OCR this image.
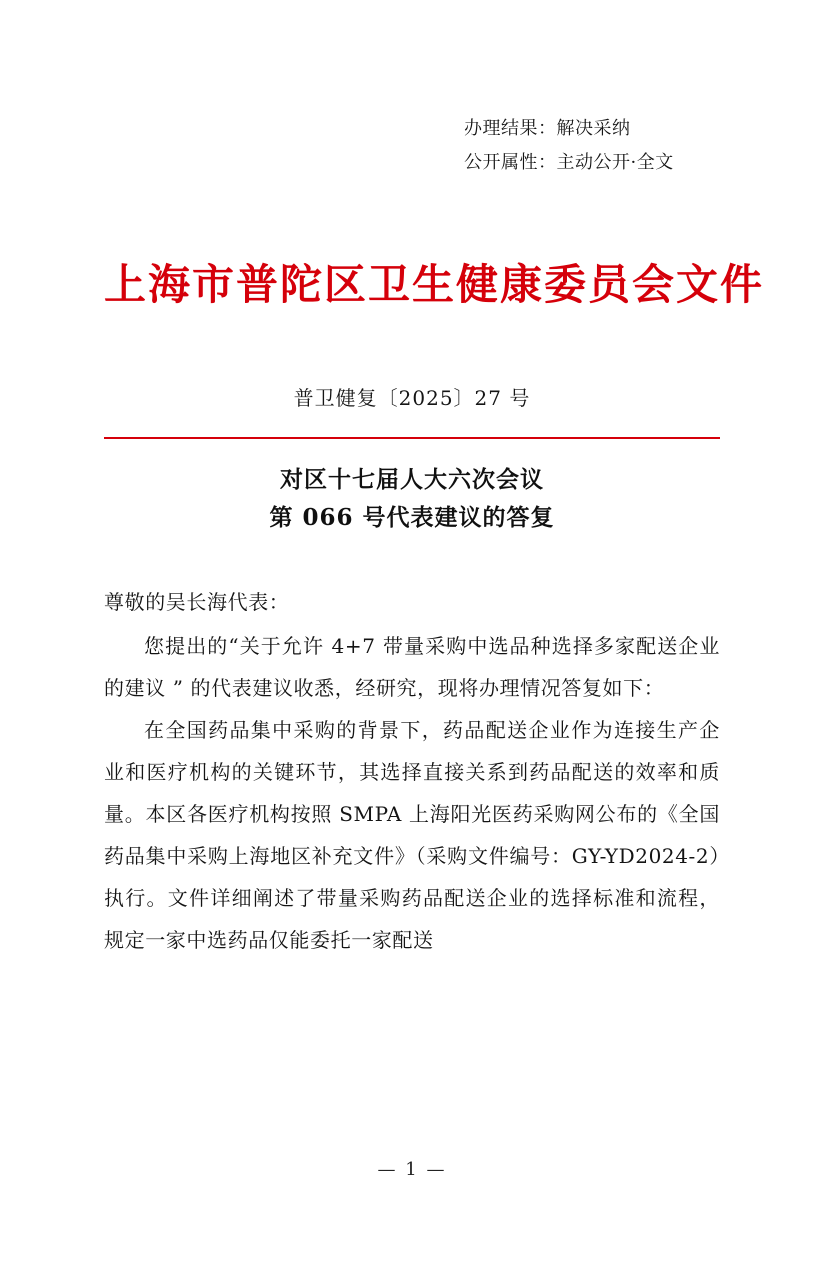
办理结果：解决采纳
公开属性：主动公开·全文
上海市普陀区卫生健康委员会文件
普卫健复〔2025〕27 号
对区十七届人大六次会议
第 066 号代表建议的答复

尊敬的吴长海代表：

您提出的“关于允许 4+7 带量采购中选品种选择多家配送企业的建议 ” 的代表建议收悉，经研究，现将办理情况答复如下：

在全国药品集中采购的背景下，药品配送企业作为连接生产企业和医疗机构的关键环节，其选择直接关系到药品配送的效率和质量。本区各医疗机构按照 SMPA 上海阳光医药采购网公布的《全国药品集中采购上海地区补充文件》（采购文件编号：GY-YD2024-2）执行。文件详细阐述了带量采购药品配送企业的选择标准和流程，规定一家中选药品仅能委托一家配送

— 1 —
